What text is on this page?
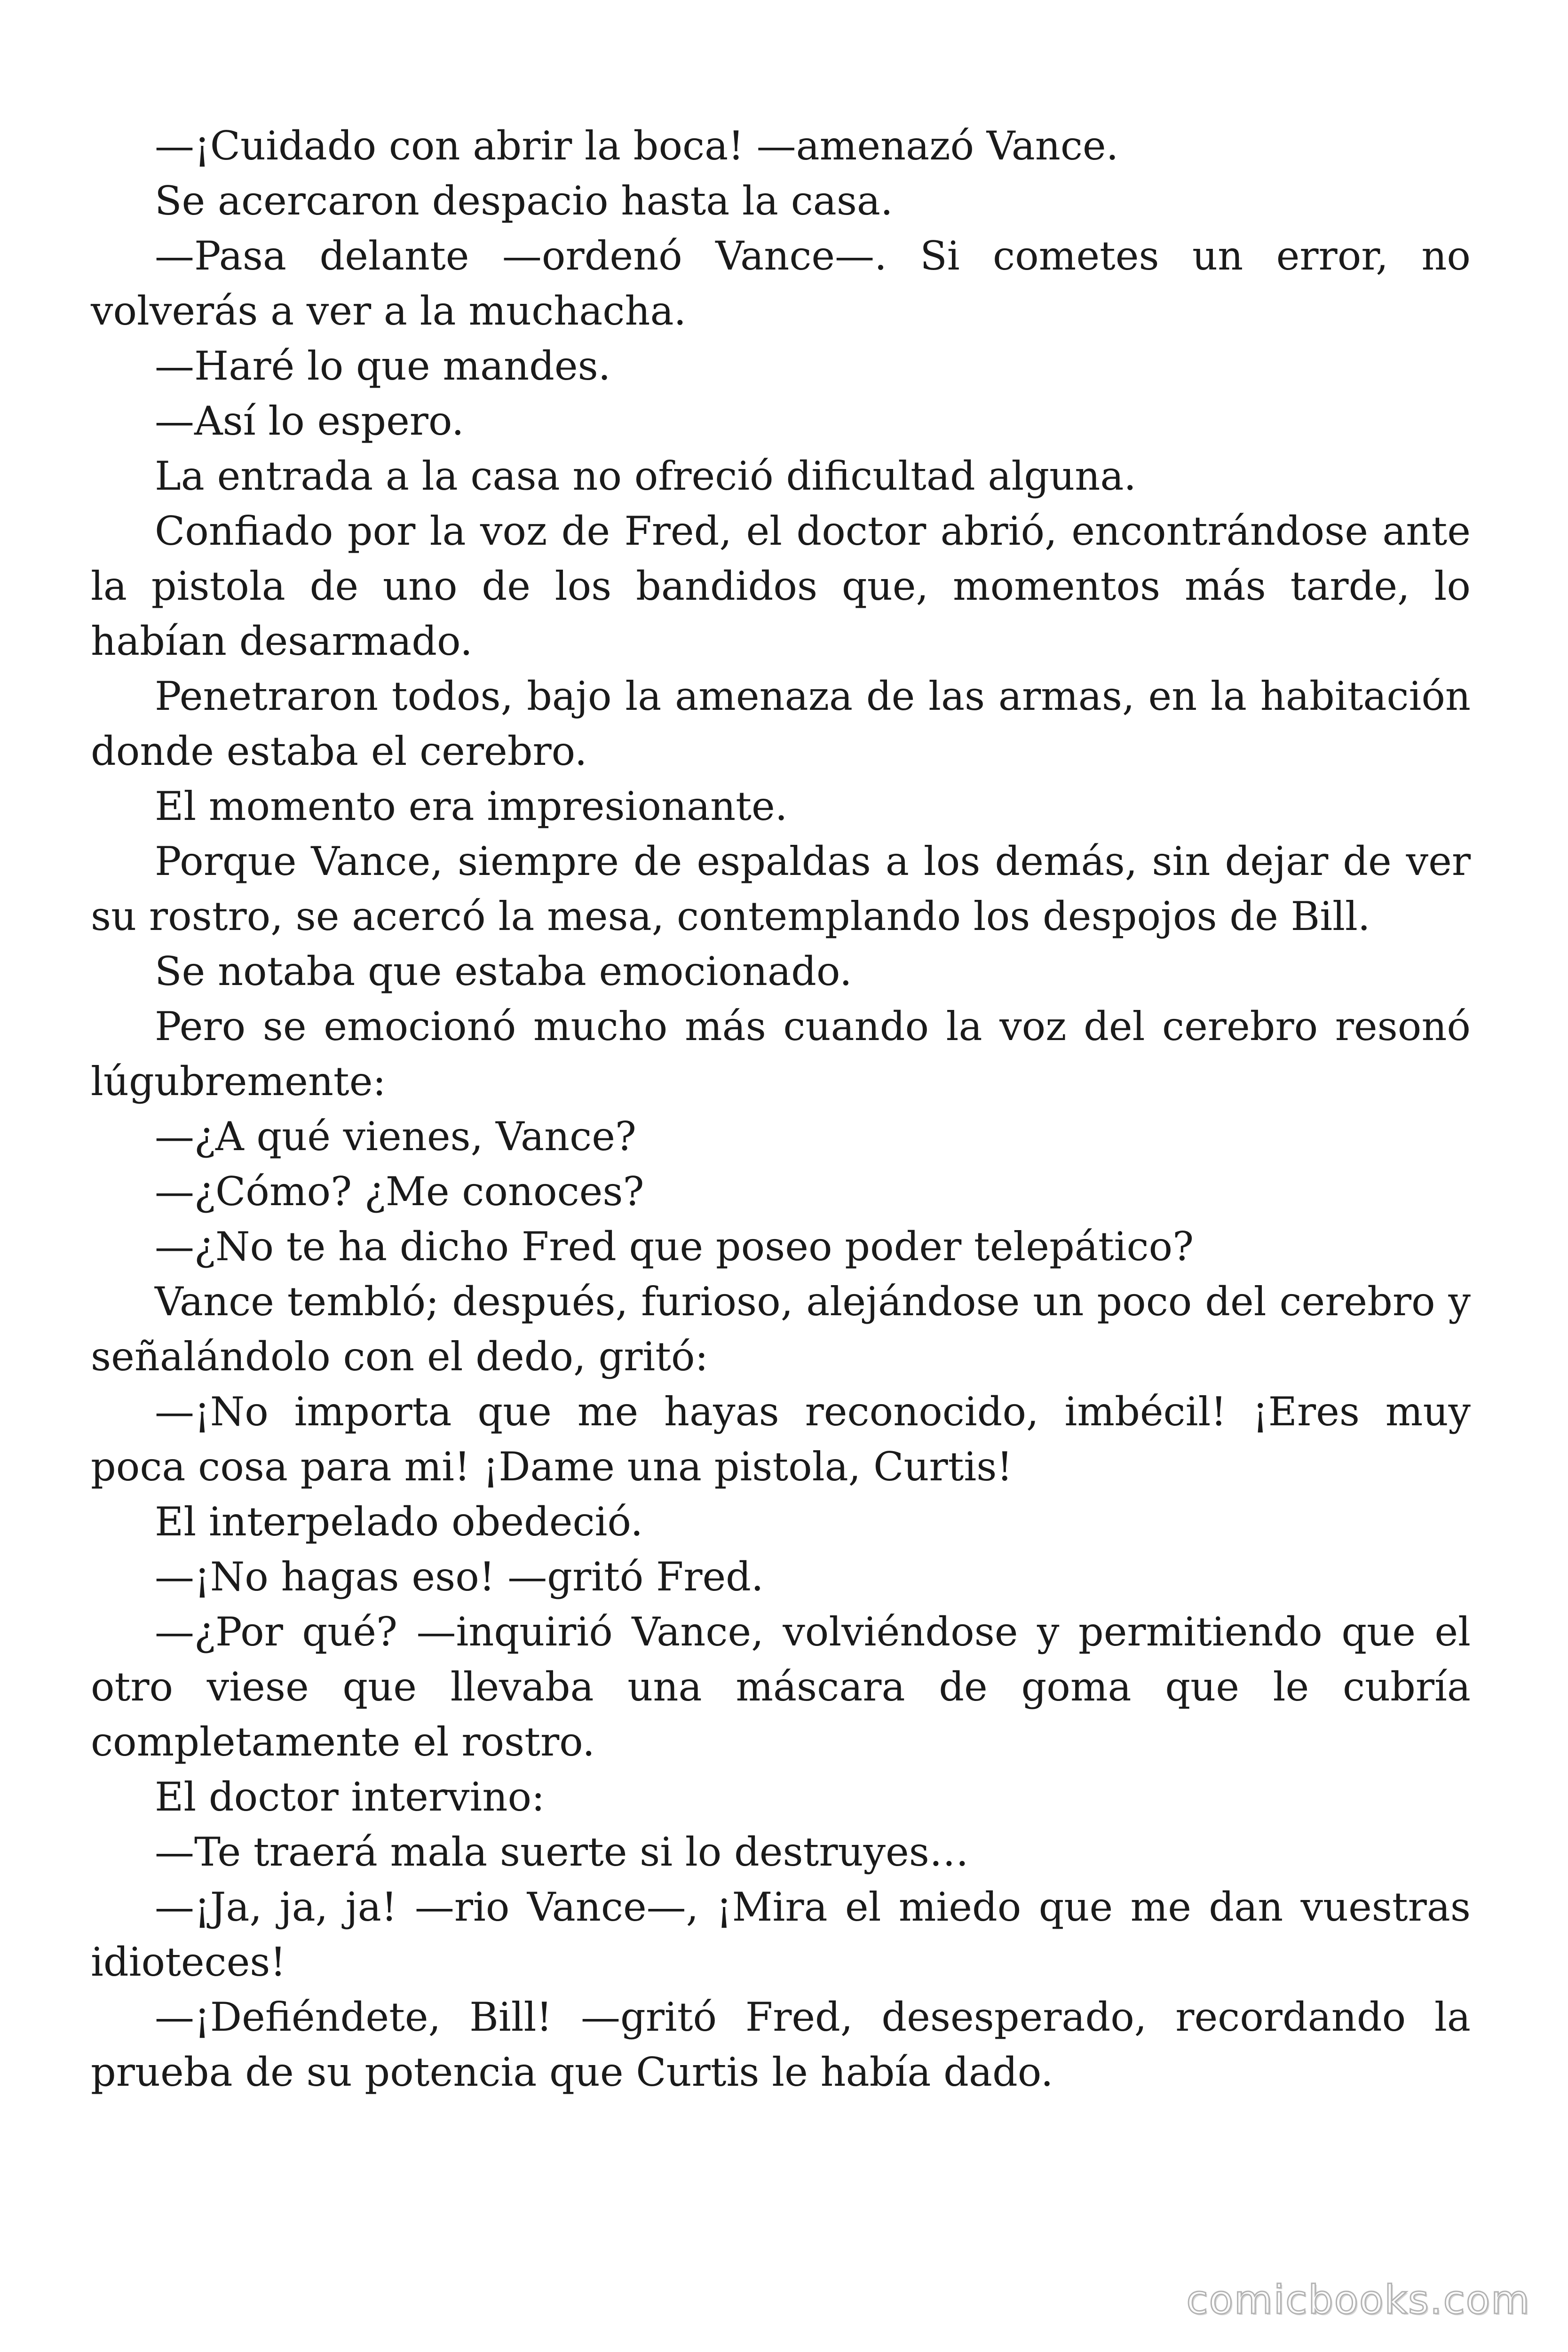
—¡Cuidado con abrir la boca! —amenazó Vance.

Se acercaron despacio hasta la casa.

—Pasa delante —ordenó Vance—. Si cometes un error, no volverás a ver a la muchacha.

—Haré lo que mandes.

—Así lo espero.

La entrada a la casa no ofreció dificultad alguna.

Confiado por la voz de Fred, el doctor abrió, encontrándose ante la pistola de uno de los bandidos que, momentos más tarde, lo habían desarmado.

Penetraron todos, bajo la amenaza de las armas, en la habitación donde estaba el cerebro.

El momento era impresionante.

Porque Vance, siempre de espaldas a los demás, sin dejar de ver su rostro, se acercó la mesa, contemplando los despojos de Bill.

Se notaba que estaba emocionado.

Pero se emocionó mucho más cuando la voz del cerebro resonó lúgubremente:

—¿A qué vienes, Vance?

—¿Cómo? ¿Me conoces?

—¿No te ha dicho Fred que poseo poder telepático?

Vance tembló; después, furioso, alejándose un poco del cerebro y señalándolo con el dedo, gritó:

—¡No importa que me hayas reconocido, imbécil! ¡Eres muy poca cosa para mi! ¡Dame una pistola, Curtis!

El interpelado obedeció.

—¡No hagas eso! —gritó Fred.

—¿Por qué? —inquirió Vance, volviéndose y permitiendo que el otro viese que llevaba una máscara de goma que le cubría completamente el rostro.

El doctor intervino:

—Te traerá mala suerte si lo destruyes…

—¡Ja, ja, ja! —rio Vance—, ¡Mira el miedo que me dan vuestras idioteces!

—¡Defiéndete, Bill! —gritó Fred, desesperado, recordando la prueba de su potencia que Curtis le había dado.

comicbooks.com
